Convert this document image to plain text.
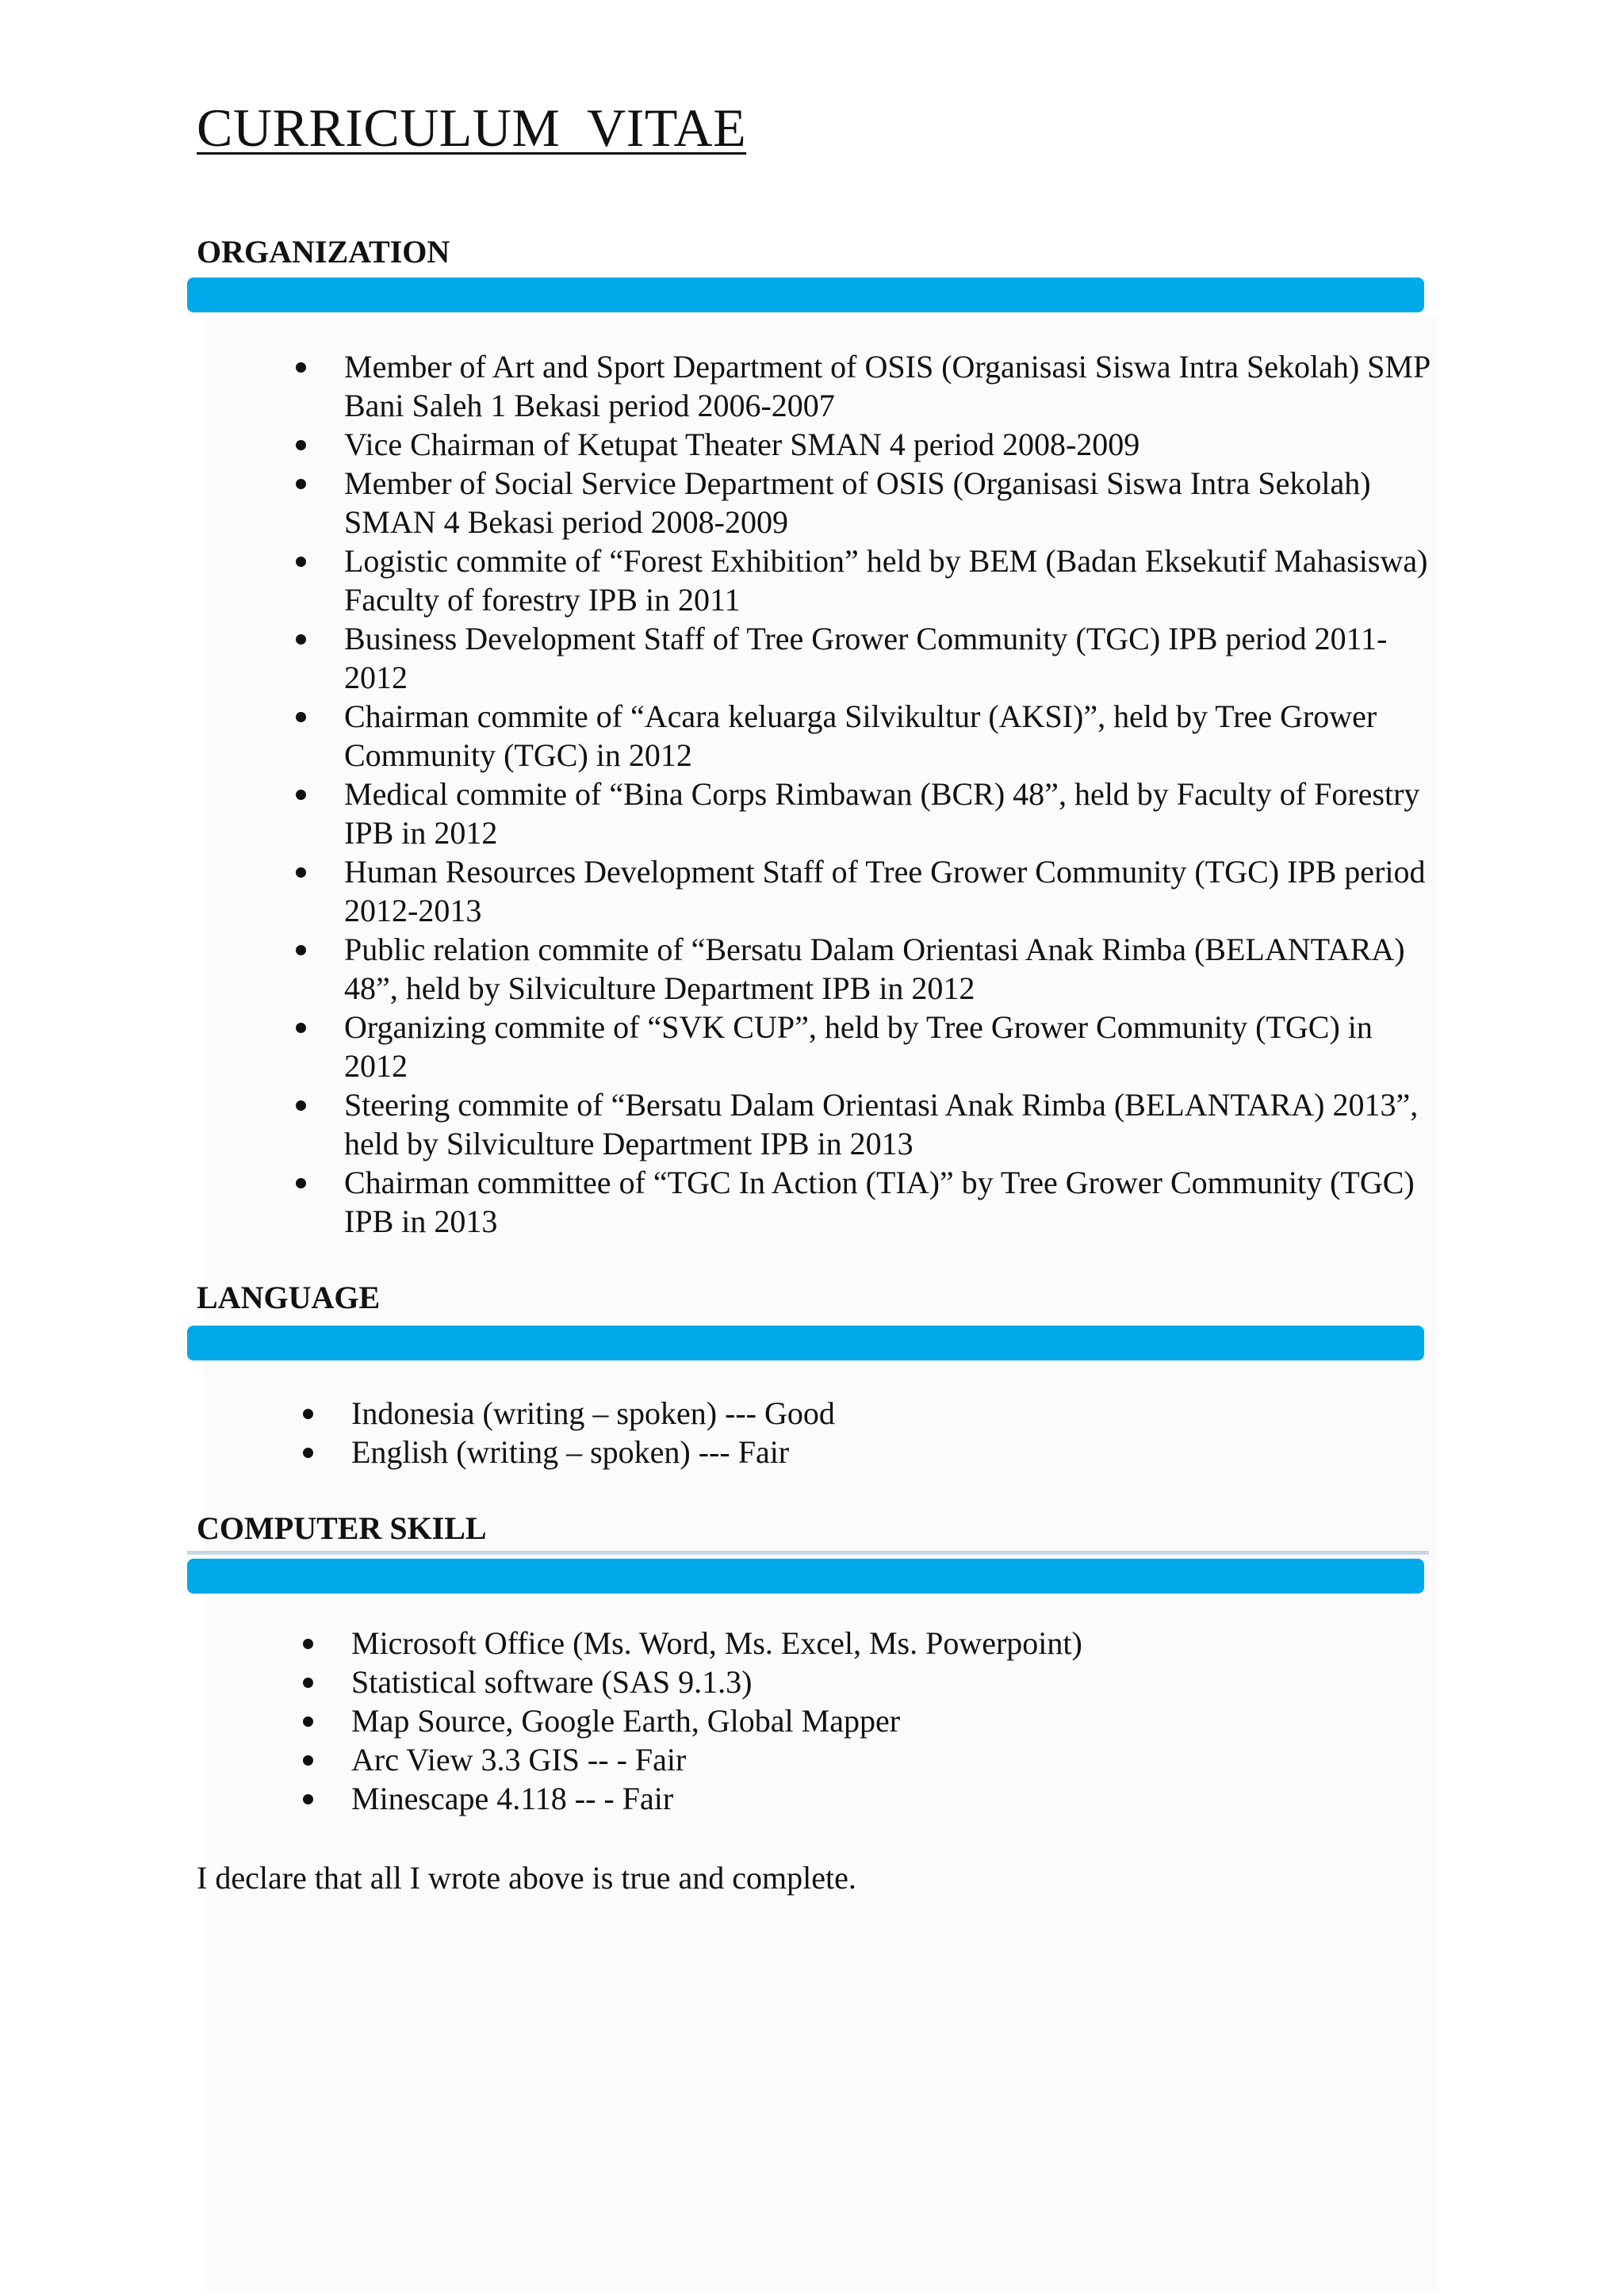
CURRICULUM  VITAE
ORGANIZATION
Member of Art and Sport Department of OSIS (Organisasi Siswa Intra Sekolah) SMP Bani Saleh 1 Bekasi period 2006-2007
Vice Chairman of Ketupat Theater SMAN 4 period 2008-2009
Member of Social Service Department of OSIS (Organisasi Siswa Intra Sekolah) SMAN 4 Bekasi period 2008-2009
Logistic commite of “Forest Exhibition” held by BEM (Badan Eksekutif Mahasiswa) Faculty of forestry IPB in 2011
Business Development Staff of Tree Grower Community (TGC) IPB period 2011-2012
Chairman commite of “Acara keluarga Silvikultur (AKSI)”, held by Tree Grower Community (TGC) in 2012
Medical commite of “Bina Corps Rimbawan (BCR) 48”, held by Faculty of Forestry IPB in 2012
Human Resources Development Staff of Tree Grower Community (TGC) IPB period 2012-2013
Public relation commite of “Bersatu Dalam Orientasi Anak Rimba (BELANTARA) 48”, held by Silviculture Department IPB in 2012
Organizing commite of “SVK CUP”, held by Tree Grower Community (TGC) in 2012
Steering commite of “Bersatu Dalam Orientasi Anak Rimba (BELANTARA) 2013”, held by Silviculture Department IPB in 2013
Chairman committee of “TGC In Action (TIA)” by Tree Grower Community (TGC) IPB in 2013
LANGUAGE
Indonesia (writing – spoken) --- Good
English (writing – spoken) --- Fair
COMPUTER SKILL
Microsoft Office (Ms. Word, Ms. Excel, Ms. Powerpoint)
Statistical software (SAS 9.1.3)
Map Source, Google Earth, Global Mapper
Arc View 3.3 GIS -- - Fair
Minescape 4.118 -- - Fair

I declare that all I wrote above is true and complete.
